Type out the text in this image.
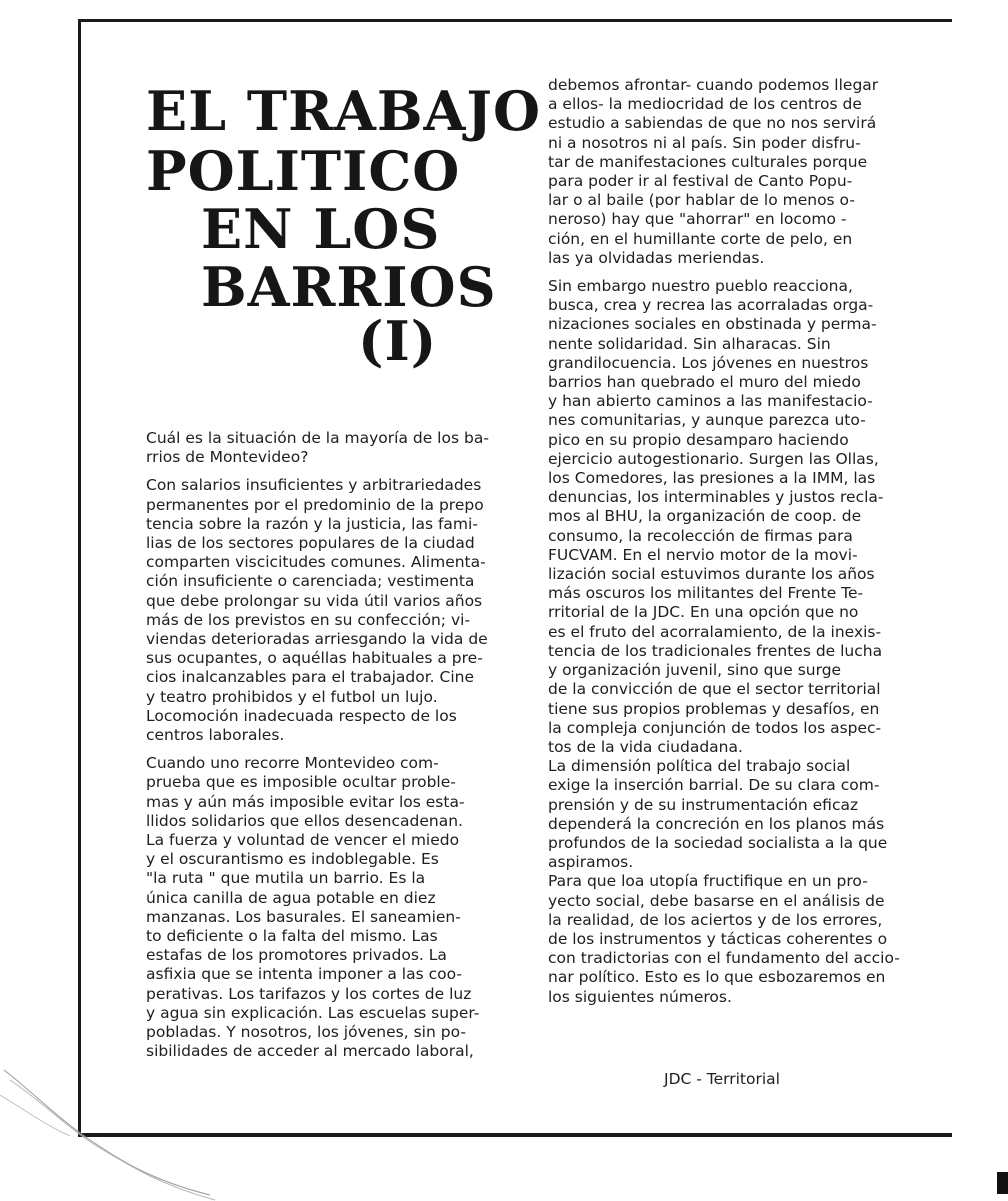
EL TRABAJO
POLITICO
EN LOS
BARRIOS
(I)

Cuál es la situación de la mayoría de los ba-
rrios de Montevideo?

Con salarios insuficientes y arbitrariedades
permanentes por el predominio de la prepo
tencia sobre la razón y la justicia, las fami-
lias de los sectores populares de la ciudad
comparten viscicitudes comunes. Alimenta-
ción insuficiente o carenciada; vestimenta
que debe prolongar su vida útil varios años
más de los previstos en su confección; vi-
viendas deterioradas arriesgando la vida de
sus ocupantes, o aquéllas habituales a pre-
cios inalcanzables para el trabajador. Cine
y teatro prohibidos y el futbol un lujo.
Locomoción inadecuada respecto de los
centros laborales.

Cuando uno recorre Montevideo com-
prueba que es imposible ocultar proble-
mas y aún más imposible evitar los esta-
llidos solidarios que ellos desencadenan.
La fuerza y voluntad de vencer el miedo
y el oscurantismo es indoblegable. Es
"la ruta " que mutila un barrio. Es la
única canilla de agua potable en diez
manzanas. Los basurales. El saneamien-
to deficiente o la falta del mismo. Las
estafas de los promotores privados. La
asfixia que se intenta imponer a las coo-
perativas. Los tarifazos y los cortes de luz
y agua sin explicación. Las escuelas super-
pobladas. Y nosotros, los jóvenes, sin po-
sibilidades de acceder al mercado laboral,

debemos afrontar- cuando podemos llegar
a ellos- la mediocridad de los centros de
estudio a sabiendas de que no nos servirá
ni a nosotros ni al país. Sin poder disfru-
tar de manifestaciones culturales porque
para poder ir al festival de Canto Popu-
lar o al baile (por hablar de lo menos o-
neroso) hay que "ahorrar" en locomo -
ción, en el humillante corte de pelo, en
las ya olvidadas meriendas.

Sin embargo nuestro pueblo reacciona,
busca, crea y recrea las acorraladas orga-
nizaciones sociales en obstinada y perma-
nente solidaridad. Sin alharacas. Sin
grandilocuencia. Los jóvenes en nuestros
barrios han quebrado el muro del miedo
y han abierto caminos a las manifestacio-
nes comunitarias, y aunque parezca uto-
pico en su propio desamparo haciendo
ejercicio autogestionario. Surgen las Ollas,
los Comedores, las presiones a la IMM, las
denuncias, los interminables y justos recla-
mos al BHU, la organización de coop. de
consumo, la recolección de firmas para
FUCVAM. En el nervio motor de la movi-
lización social estuvimos durante los años
más oscuros los militantes del Frente Te-
rritorial de la JDC. En una opción que no
es el fruto del acorralamiento, de la inexis-
tencia de los tradicionales frentes de lucha
y organización juvenil, sino que surge
de la convicción de que el sector territorial
tiene sus propios problemas y desafíos, en
la compleja conjunción de todos los aspec-
tos de la vida ciudadana.

La dimensión política del trabajo social
exige la inserción barrial. De su clara com-
prensión y de su instrumentación eficaz
dependerá la concreción en los planos más
profundos de la sociedad socialista a la que
aspiramos.

Para que loa utopía fructifique en un pro-
yecto social, debe basarse en el análisis de
la realidad, de los aciertos y de los errores,
de los instrumentos y tácticas coherentes o
con tradictorias con el fundamento del accio-
nar político. Esto es lo que esbozaremos en
los siguientes números.

JDC - Territorial
